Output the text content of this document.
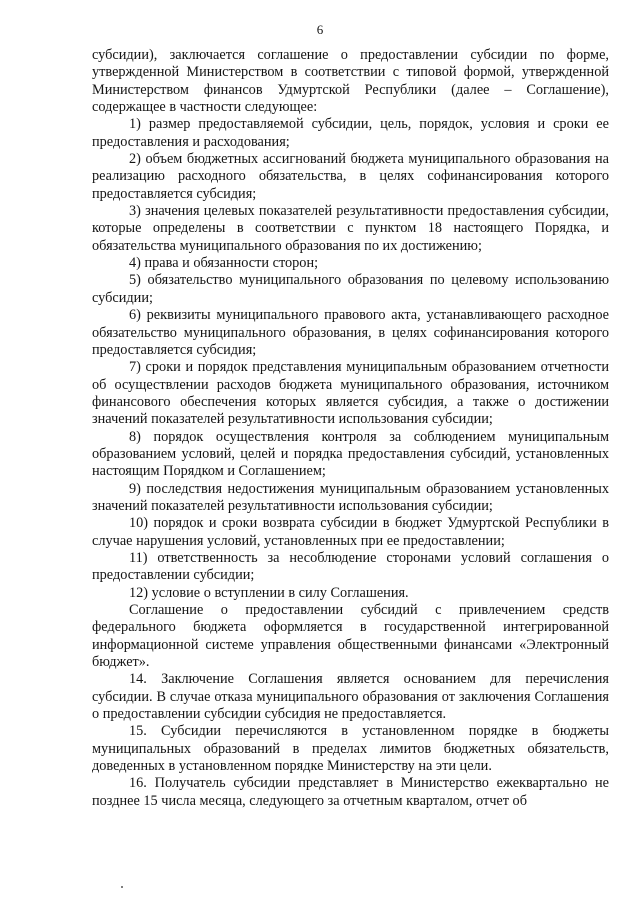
6

субсидии), заключается соглашение о предоставлении субсидии по форме, утвержденной Министерством в соответствии с типовой формой, утвержденной Министерством финансов Удмуртской Республики (далее – Соглашение), содержащее в частности следующее:

1) размер предоставляемой субсидии, цель, порядок, условия и сроки ее предоставления и расходования;

2) объем бюджетных ассигнований бюджета муниципального образования на реализацию расходного обязательства, в целях софинансирования которого предоставляется субсидия;

3) значения целевых показателей результативности предоставления субсидии, которые определены в соответствии с пунктом 18 настоящего Порядка, и обязательства муниципального образования по их достижению;

4) права и обязанности сторон;

5) обязательство муниципального образования по целевому использованию субсидии;

6) реквизиты муниципального правового акта, устанавливающего расходное обязательство муниципального образования, в целях софинансирования которого предоставляется субсидия;

7) сроки и порядок представления муниципальным образованием отчетности об осуществлении расходов бюджета муниципального образования, источником финансового обеспечения которых является субсидия, а также о достижении значений показателей результативности использования субсидии;

8) порядок осуществления контроля за соблюдением муниципальным образованием условий, целей и порядка предоставления субсидий, установленных настоящим Порядком и Соглашением;

9) последствия недостижения муниципальным образованием установленных значений показателей результативности использования субсидии;

10) порядок и сроки возврата субсидии в бюджет Удмуртской Республики в случае нарушения условий, установленных при ее предоставлении;

11) ответственность за несоблюдение сторонами условий соглашения о предоставлении субсидии;

12) условие о вступлении в силу Соглашения.

Соглашение о предоставлении субсидий с привлечением средств федерального бюджета оформляется в государственной интегрированной информационной системе управления общественными финансами «Электронный бюджет».

14. Заключение Соглашения является основанием для перечисления субсидии. В случае отказа муниципального образования от заключения Соглашения о предоставлении субсидии субсидия не предоставляется.

15. Субсидии перечисляются в установленном порядке в бюджеты муниципальных образований в пределах лимитов бюджетных обязательств, доведенных в установленном порядке Министерству на эти цели.

16. Получатель субсидии представляет в Министерство ежеквартально не позднее 15 числа месяца, следующего за отчетным кварталом, отчет об
